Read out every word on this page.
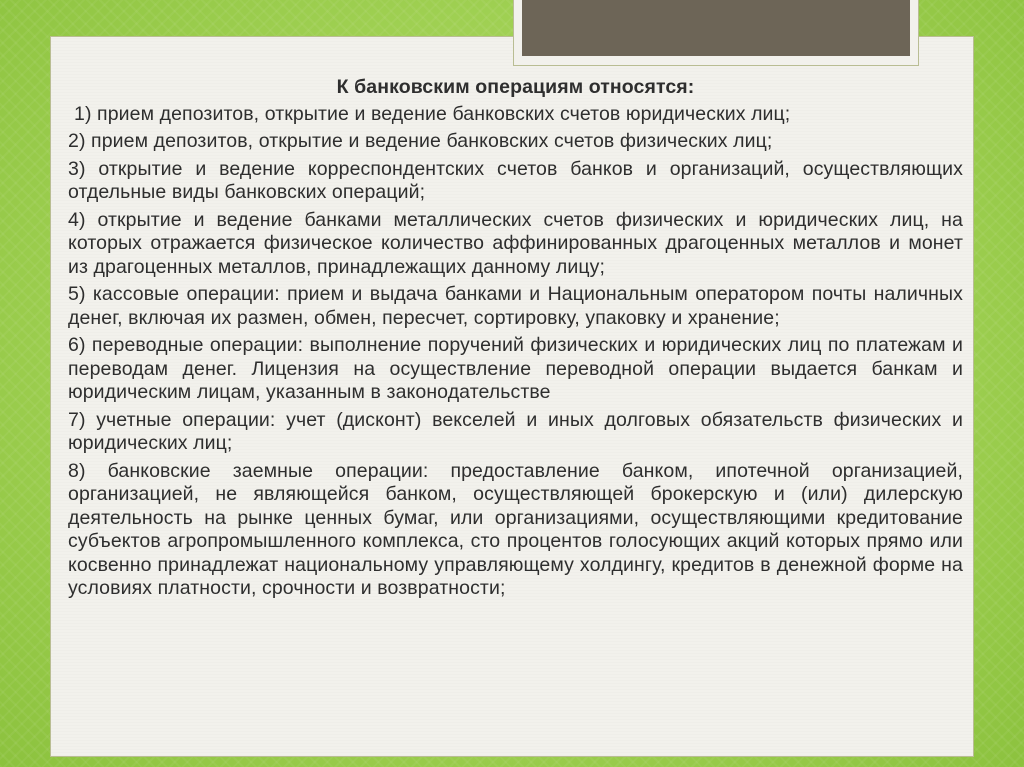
К банковским операциям относятся:
1) прием депозитов, открытие и ведение банковских счетов юридических лиц;
2) прием депозитов, открытие и ведение банковских счетов физических лиц;
3) открытие и ведение корреспондентских счетов банков и организаций, осуществляющих отдельные виды банковских операций;
4) открытие и ведение банками металлических счетов физических и юридических лиц, на которых отражается физическое количество аффинированных драгоценных металлов и монет из драгоценных металлов, принадлежащих данному лицу;
5) кассовые операции: прием и выдача банками и Национальным оператором почты наличных денег, включая их размен, обмен, пересчет, сортировку, упаковку и хранение;
6) переводные операции: выполнение поручений физических и юридических лиц по платежам и переводам денег. Лицензия на осуществление переводной операции выдается банкам и юридическим лицам, указанным в законодательстве
7) учетные операции: учет (дисконт) векселей и иных долговых обязательств физических и юридических лиц;
8) банковские заемные операции: предоставление банком, ипотечной организацией, организацией, не являющейся банком, осуществляющей брокерскую и (или) дилерскую деятельность на рынке ценных бумаг, или организациями, осуществляющими кредитование субъектов агропромышленного комплекса, сто процентов голосующих акций которых прямо или косвенно принадлежат национальному управляющему холдингу, кредитов в денежной форме на условиях платности, срочности и возвратности;
